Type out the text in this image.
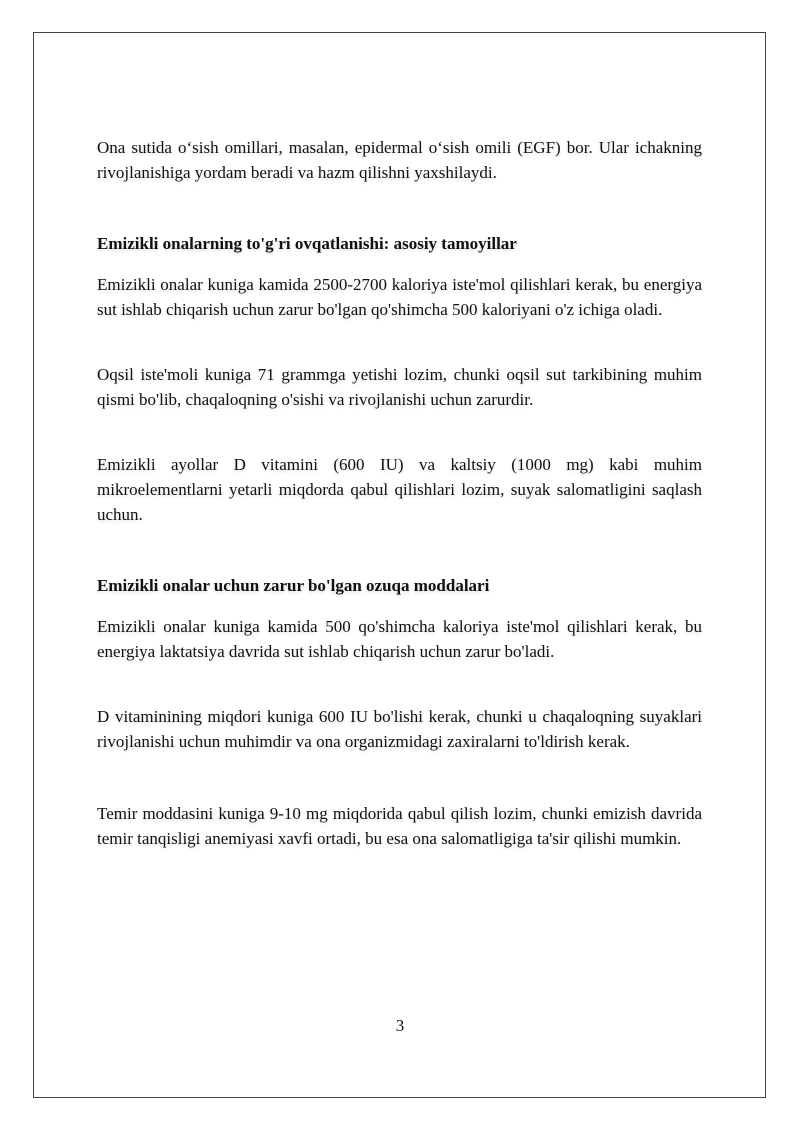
Ona sutida o‘sish omillari, masalan, epidermal o‘sish omili (EGF) bor. Ular ichakning rivojlanishiga yordam beradi va hazm qilishni yaxshilaydi.

Emizikli onalarning to'g'ri ovqatlanishi: asosiy tamoyillar

Emizikli onalar kuniga kamida 2500-2700 kaloriya iste'mol qilishlari kerak, bu energiya sut ishlab chiqarish uchun zarur bo'lgan qo'shimcha 500 kaloriyani o'z ichiga oladi.

Oqsil iste'moli kuniga 71 grammga yetishi lozim, chunki oqsil sut tarkibining muhim qismi bo'lib, chaqaloqning o'sishi va rivojlanishi uchun zarurdir.

Emizikli ayollar D vitamini (600 IU) va kaltsiy (1000 mg) kabi muhim mikroelementlarni yetarli miqdorda qabul qilishlari lozim, suyak salomatligini saqlash uchun.

Emizikli onalar uchun zarur bo'lgan ozuqa moddalari

Emizikli onalar kuniga kamida 500 qo'shimcha kaloriya iste'mol qilishlari kerak, bu energiya laktatsiya davrida sut ishlab chiqarish uchun zarur bo'ladi.

D vitaminining miqdori kuniga 600 IU bo'lishi kerak, chunki u chaqaloqning suyaklari rivojlanishi uchun muhimdir va ona organizmidagi zaxiralarni to'ldirish kerak.

Temir moddasini kuniga 9-10 mg miqdorida qabul qilish lozim, chunki emizish davrida temir tanqisligi anemiyasi xavfi ortadi, bu esa ona salomatligiga ta'sir qilishi mumkin.

3
